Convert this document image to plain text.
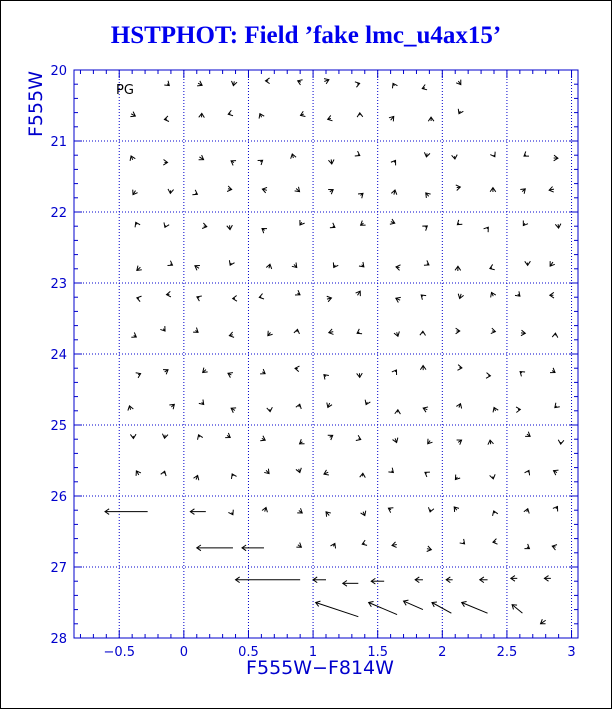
HSTPHOT: Field ’fake lmc_u4ax15’
F555W−F814W
F555W
−0.5	0	0.5	1	1.5	2	2.5	3
20
21
22
23
24
25
26
27
28
PG
